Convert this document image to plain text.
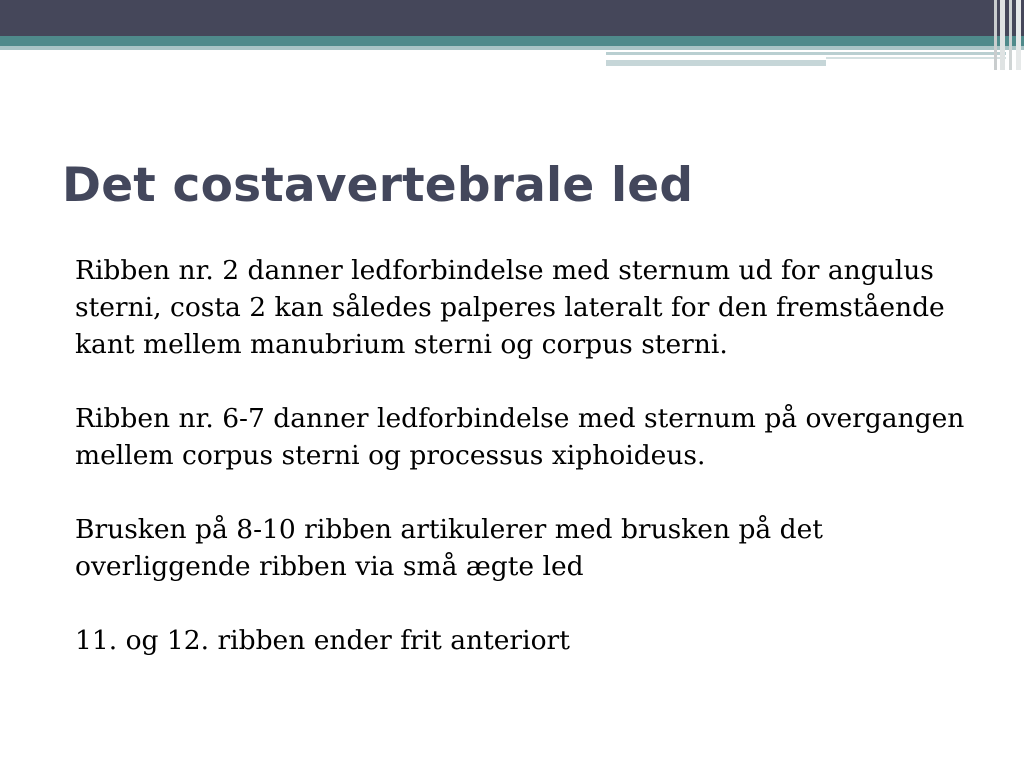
Det costavertebrale led

Ribben nr. 2 danner ledforbindelse med sternum ud for angulus sterni, costa 2 kan således palperes lateralt for den fremstående kant mellem manubrium sterni og corpus sterni.

Ribben nr. 6-7 danner ledforbindelse med sternum på overgangen mellem corpus sterni og processus xiphoideus.

Brusken på 8-10 ribben artikulerer med brusken på det overliggende ribben via små ægte led

11. og 12. ribben ender frit anteriort
